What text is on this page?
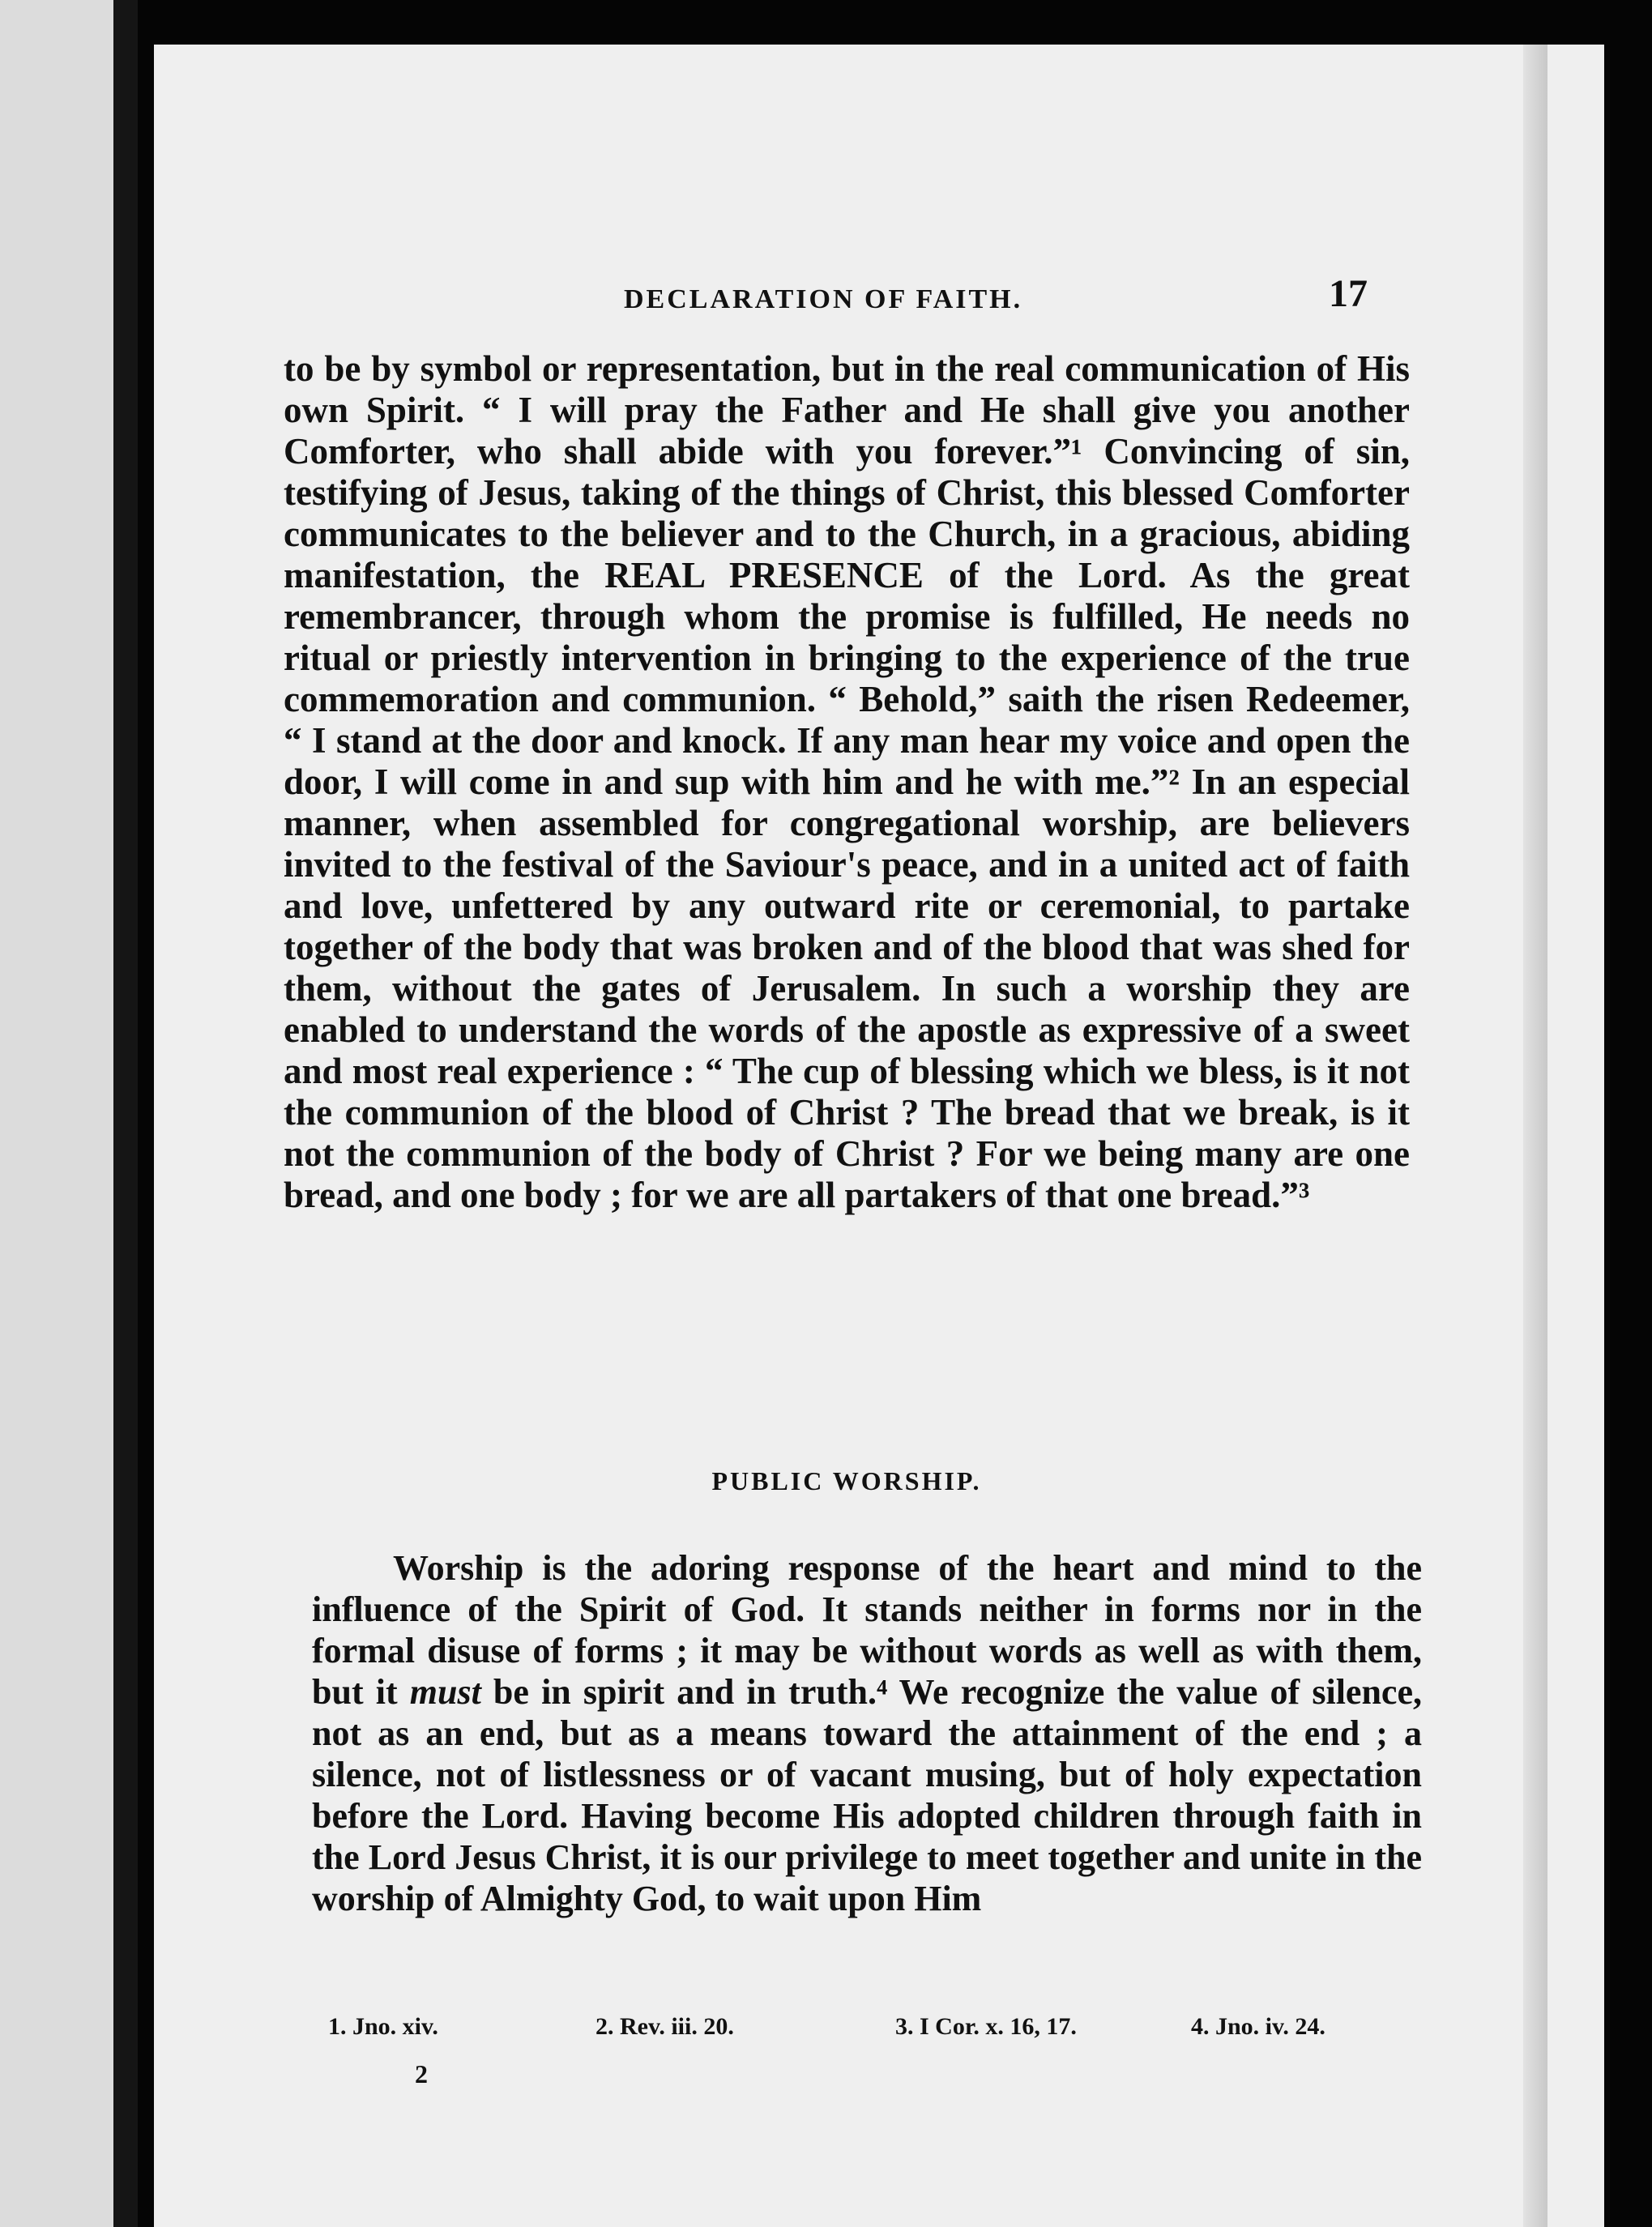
DECLARATION OF FAITH.	17

to be by symbol or representation, but in the real communication of His own Spirit. “ I will pray the Father and He shall give you another Comforter, who shall abide with you forever.”¹ Convincing of sin, testifying of Jesus, taking of the things of Christ, this blessed Comforter communicates to the believer and to the Church, in a gracious, abiding manifestation, the REAL PRESENCE of the Lord. As the great remembrancer, through whom the promise is fulfilled, He needs no ritual or priestly intervention in bringing to the experience of the true commemoration and communion. “ Behold,” saith the risen Redeemer, “ I stand at the door and knock. If any man hear my voice and open the door, I will come in and sup with him and he with me.”² In an especial manner, when assembled for congregational worship, are believers invited to the festival of the Saviour's peace, and in a united act of faith and love, unfettered by any outward rite or ceremonial, to partake together of the body that was broken and of the blood that was shed for them, without the gates of Jerusalem. In such a worship they are enabled to understand the words of the apostle as expressive of a sweet and most real experience : “ The cup of blessing which we bless, is it not the communion of the blood of Christ ? The bread that we break, is it not the communion of the body of Christ ? For we being many are one bread, and one body ; for we are all partakers of that one bread.”³

PUBLIC WORSHIP.

Worship is the adoring response of the heart and mind to the influence of the Spirit of God. It stands neither in forms nor in the formal disuse of forms ; it may be without words as well as with them, but it must be in spirit and in truth.⁴ We recognize the value of silence, not as an end, but as a means toward the attainment of the end ; a silence, not of listlessness or of vacant musing, but of holy expectation before the Lord. Having become His adopted children through faith in the Lord Jesus Christ, it is our privilege to meet together and unite in the worship of Almighty God, to wait upon Him

1. Jno. xiv.	2. Rev. iii. 20.	3. I Cor. x. 16, 17.	4. Jno. iv. 24.
2
